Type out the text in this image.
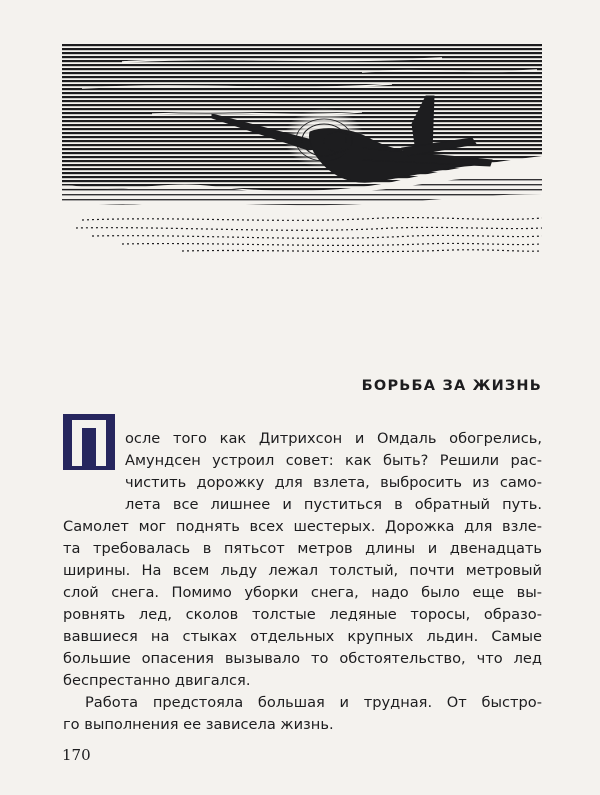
БОРЬБА ЗА ЖИЗНЬ
осле того как Дитрихсон и Омдаль обогрелись,
Амундсен устроил совет: как быть? Решили рас-
чистить дорожку для взлета, выбросить из само-
лета все лишнее и пуститься в обратный путь.
Самолет мог поднять всех шестерых. Дорожка для взле-
та требовалась в пятьсот метров длины и двенадцать
ширины. На всем льду лежал толстый, почти метровый
слой снега. Помимо уборки снега, надо было еще вы-
ровнять лед, сколов толстые ледяные торосы, образо-
вавшиеся на стыках отдельных крупных льдин. Самые
большие опасения вызывало то обстоятельство, что лед
беспрестанно двигался.
Работа предстояла большая и трудная. От быстро-
го выполнения ее зависела жизнь.
170
